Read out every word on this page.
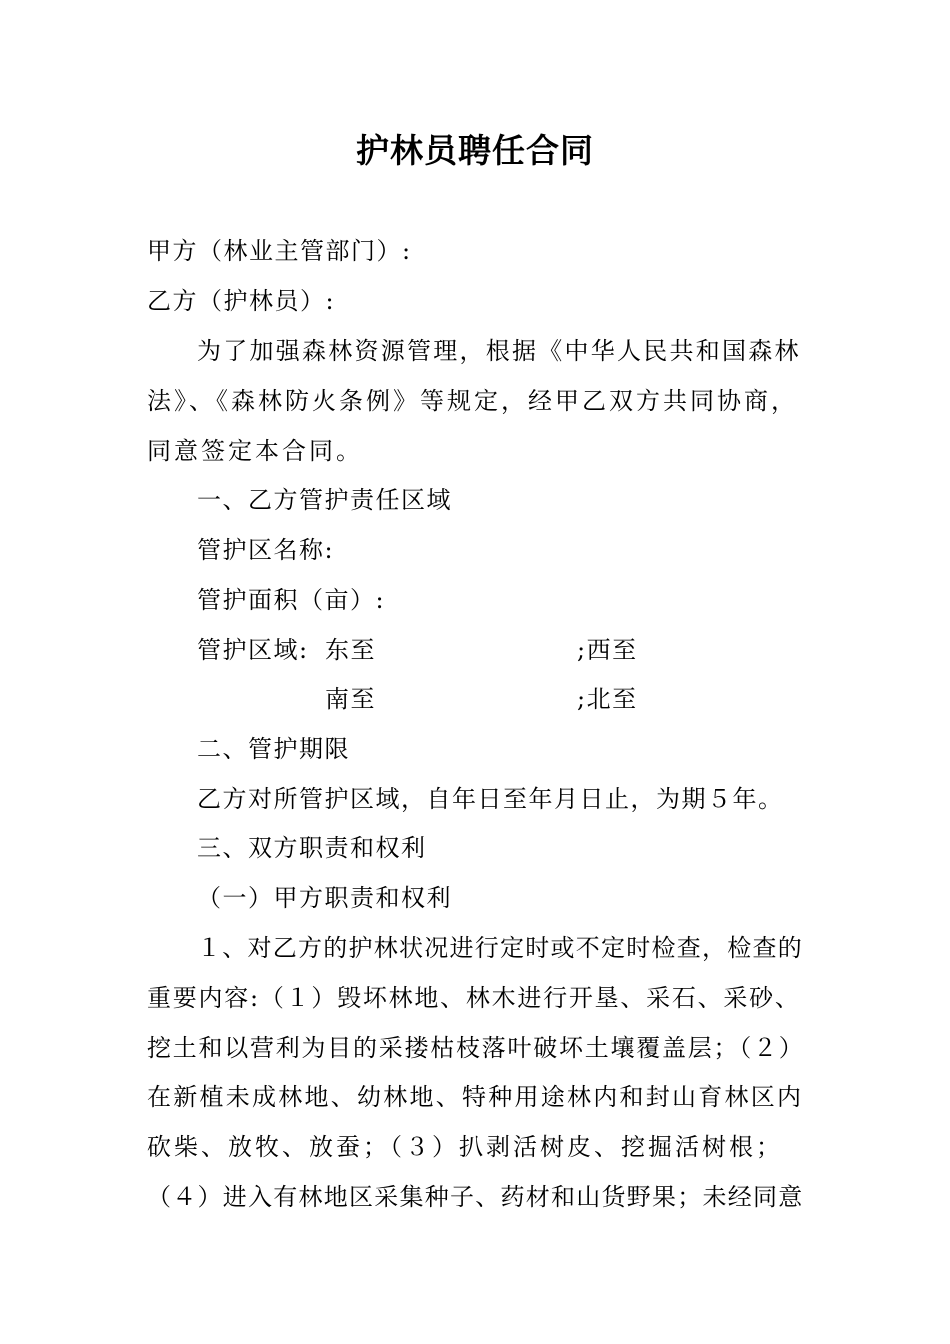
护林员聘任合同
甲方（林业主管部门）:
乙方（护林员）:
为了加强森林资源管理，根据《中华人民共和国森林
法》、《森林防火条例》等规定，经甲乙双方共同协商，
同意签定本合同。
一、乙方管护责任区域
管护区名称:
管护面积（亩）:
管护区域: 东至	;西至
南至	;北至
二、管护期限
乙方对所管护区域，自年日至年月日止，为期５年。
三、双方职责和权利
（一）甲方职责和权利
１、对乙方的护林状况进行定时或不定时检查，检查的
重要内容:（１）毁坏林地、林木进行开垦、采石、采砂、
挖土和以营利为目的采搂枯枝落叶破坏土壤覆盖层；（２）
在新植未成林地、幼林地、特种用途林内和封山育林区内
砍柴、放牧、放蚕；（３）扒剥活树皮、挖掘活树根；
（４）进入有林地区采集种子、药材和山货野果；未经同意
